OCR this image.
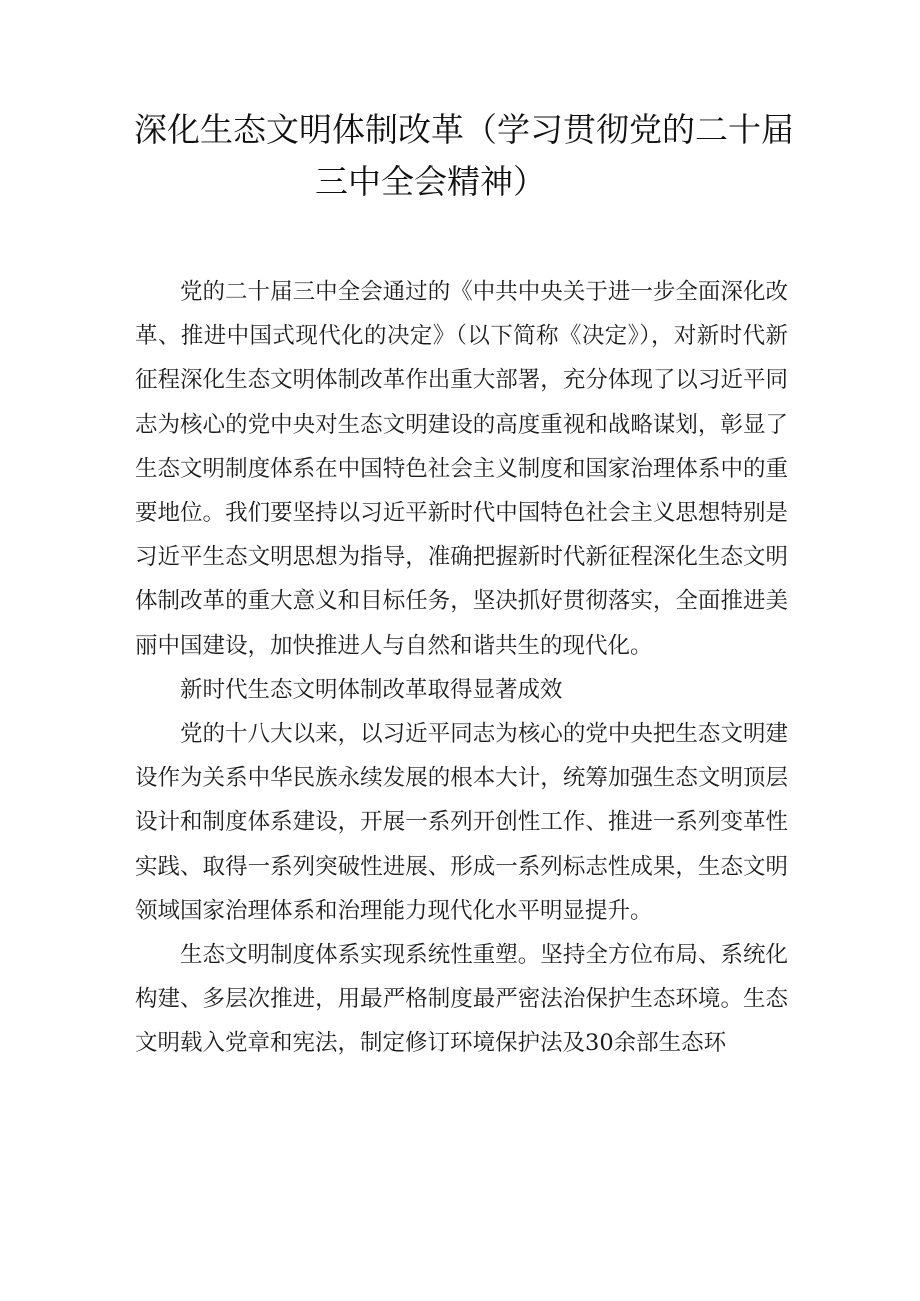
深化生态文明体制改革（学习贯彻党的二十届
三中全会精神）

党的二十届三中全会通过的《中共中央关于进一步全面深化改革、推进中国式现代化的决定》（以下简称《决定》），对新时代新征程深化生态文明体制改革作出重大部署，充分体现了以习近平同志为核心的党中央对生态文明建设的高度重视和战略谋划，彰显了生态文明制度体系在中国特色社会主义制度和国家治理体系中的重要地位。我们要坚持以习近平新时代中国特色社会主义思想特别是习近平生态文明思想为指导，准确把握新时代新征程深化生态文明体制改革的重大意义和目标任务，坚决抓好贯彻落实，全面推进美丽中国建设，加快推进人与自然和谐共生的现代化。

新时代生态文明体制改革取得显著成效

党的十八大以来，以习近平同志为核心的党中央把生态文明建设作为关系中华民族永续发展的根本大计，统筹加强生态文明顶层设计和制度体系建设，开展一系列开创性工作、推进一系列变革性实践、取得一系列突破性进展、形成一系列标志性成果，生态文明领域国家治理体系和治理能力现代化水平明显提升。

生态文明制度体系实现系统性重塑。坚持全方位布局、系统化构建、多层次推进，用最严格制度最严密法治保护生态环境。生态文明载入党章和宪法，制定修订环境保护法及30余部生态环
